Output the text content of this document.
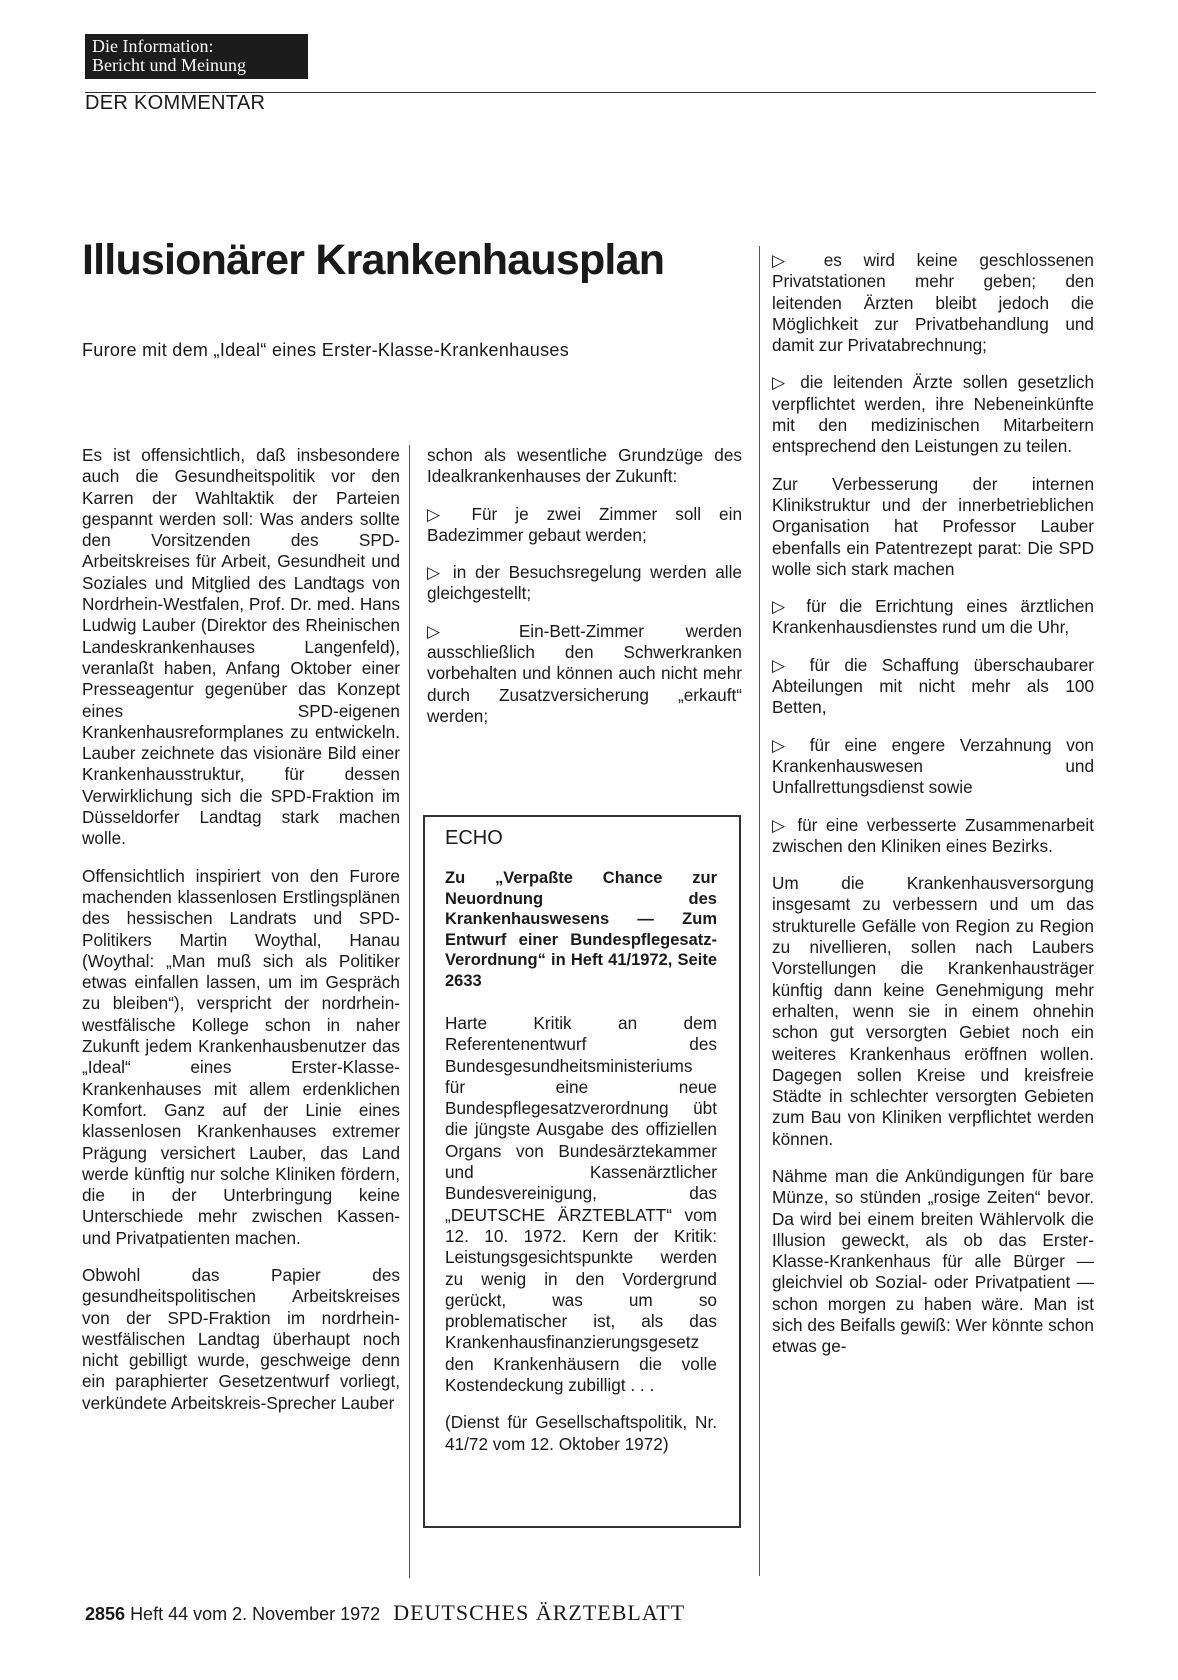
Die Information:
Bericht und Meinung
DER KOMMENTAR
Illusionärer Krankenhausplan
Furore mit dem „Ideal“ eines Erster-Klasse-Krankenhauses

Es ist offensichtlich, daß insbesondere auch die Gesundheitspolitik vor den Karren der Wahltaktik der Parteien gespannt werden soll: Was anders sollte den Vorsitzenden des SPD-Arbeitskreises für Arbeit, Gesundheit und Soziales und Mitglied des Landtags von Nordrhein-Westfalen, Prof. Dr. med. Hans Ludwig Lauber (Direktor des Rheinischen Landeskrankenhauses Langenfeld), veranlaßt haben, Anfang Oktober einer Presseagentur gegenüber das Konzept eines SPD-eigenen Krankenhausreformplanes zu entwickeln. Lauber zeichnete das visionäre Bild einer Krankenhausstruktur, für dessen Verwirklichung sich die SPD-Fraktion im Düsseldorfer Landtag stark machen wolle.

Offensichtlich inspiriert von den Furore machenden klassenlosen Erstlingsplänen des hessischen Landrats und SPD-Politikers Martin Woythal, Hanau (Woythal: „Man muß sich als Politiker etwas einfallen lassen, um im Gespräch zu bleiben“), verspricht der nordrhein-westfälische Kollege schon in naher Zukunft jedem Krankenhausbenutzer das „Ideal“ eines Erster-Klasse-Krankenhauses mit allem erdenklichen Komfort. Ganz auf der Linie eines klassenlosen Krankenhauses extremer Prägung versichert Lauber, das Land werde künftig nur solche Kliniken fördern, die in der Unterbringung keine Unterschiede mehr zwischen Kassen- und Privatpatienten machen.

Obwohl das Papier des gesundheitspolitischen Arbeitskreises von der SPD-Fraktion im nordrhein-westfälischen Landtag überhaupt noch nicht gebilligt wurde, geschweige denn ein paraphierter Gesetzentwurf vorliegt, verkündete Arbeitskreis-Sprecher Lauber

schon als wesentliche Grundzüge des Idealkrankenhauses der Zukunft:

▷ Für je zwei Zimmer soll ein Badezimmer gebaut werden;

▷ in der Besuchsregelung werden alle gleichgestellt;

▷ Ein-Bett-Zimmer werden ausschließlich den Schwerkranken vorbehalten und können auch nicht mehr durch Zusatzversicherung „erkauft“ werden;

ECHO
Zu „Verpaßte Chance zur Neuordnung des Krankenhauswesens — Zum Entwurf einer Bundespflegesatz-Verordnung“ in Heft 41/1972, Seite 2633
Harte Kritik an dem Referentenentwurf des Bundesgesundheitsministeriums für eine neue Bundespflegesatzverordnung übt die jüngste Ausgabe des offiziellen Organs von Bundesärztekammer und Kassenärztlicher Bundesvereinigung, das „DEUTSCHE ÄRZTEBLATT“ vom 12. 10. 1972. Kern der Kritik: Leistungsgesichtspunkte werden zu wenig in den Vordergrund gerückt, was um so problematischer ist, als das Krankenhausfinanzierungsgesetz den Krankenhäusern die volle Kostendeckung zubilligt . . .
(Dienst für Gesellschaftspolitik, Nr. 41/72 vom 12. Oktober 1972)

▷ es wird keine geschlossenen Privatstationen mehr geben; den leitenden Ärzten bleibt jedoch die Möglichkeit zur Privatbehandlung und damit zur Privatabrechnung;

▷ die leitenden Ärzte sollen gesetzlich verpflichtet werden, ihre Nebeneinkünfte mit den medizinischen Mitarbeitern entsprechend den Leistungen zu teilen.

Zur Verbesserung der internen Klinikstruktur und der innerbetrieblichen Organisation hat Professor Lauber ebenfalls ein Patentrezept parat: Die SPD wolle sich stark machen

▷ für die Errichtung eines ärztlichen Krankenhausdienstes rund um die Uhr,

▷ für die Schaffung überschaubarer Abteilungen mit nicht mehr als 100 Betten,

▷ für eine engere Verzahnung von Krankenhauswesen und Unfallrettungsdienst sowie

▷ für eine verbesserte Zusammenarbeit zwischen den Kliniken eines Bezirks.

Um die Krankenhausversorgung insgesamt zu verbessern und um das strukturelle Gefälle von Region zu Region zu nivellieren, sollen nach Laubers Vorstellungen die Krankenhausträger künftig dann keine Genehmigung mehr erhalten, wenn sie in einem ohnehin schon gut versorgten Gebiet noch ein weiteres Krankenhaus eröffnen wollen. Dagegen sollen Kreise und kreisfreie Städte in schlechter versorgten Gebieten zum Bau von Kliniken verpflichtet werden können.

Nähme man die Ankündigungen für bare Münze, so stünden „rosige Zeiten“ bevor. Da wird bei einem breiten Wählervolk die Illusion geweckt, als ob das Erster-Klasse-Krankenhaus für alle Bürger — gleichviel ob Sozial- oder Privatpatient — schon morgen zu haben wäre. Man ist sich des Beifalls gewiß: Wer könnte schon etwas ge-

2856 Heft 44 vom 2. November 1972 DEUTSCHES ÄRZTEBLATT
